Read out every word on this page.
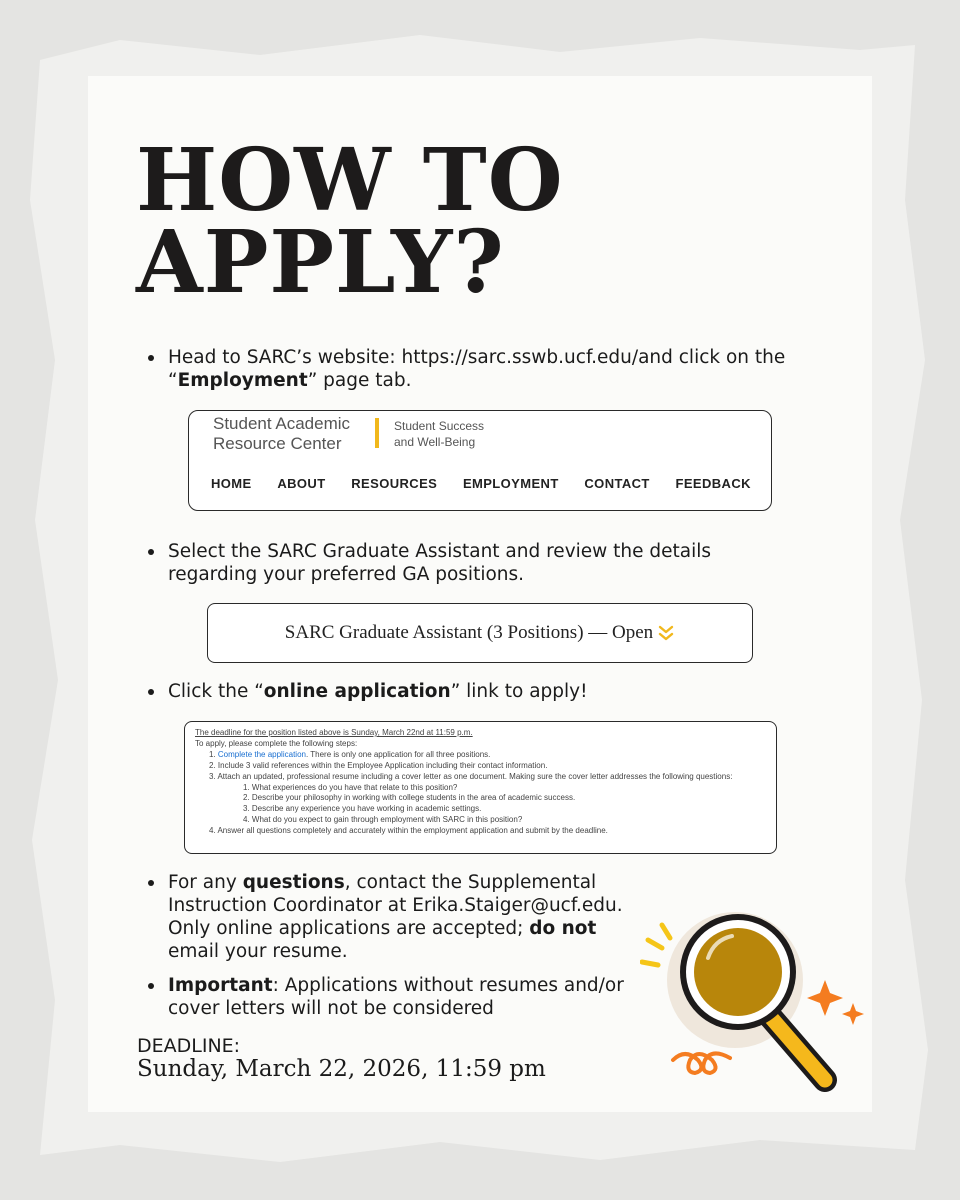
HOW TO
APPLY?
Head to SARC’s website: https://sarc.sswb.ucf.edu/and click on the “Employment” page tab.
Student Academic
Resource Center
Student Success
and Well-Being
HOME ABOUT RESOURCES EMPLOYMENT CONTACT FEEDBACK
Select the SARC Graduate Assistant and review the details regarding your preferred GA positions.
SARC Graduate Assistant (3 Positions) — Open
Click the “online application” link to apply!
The deadline for the position listed above is Sunday, March 22nd at 11:59 p.m.
To apply, please complete the following steps:
1. Complete the application. There is only one application for all three positions.
2. Include 3 valid references within the Employee Application including their contact information.
3. Attach an updated, professional resume including a cover letter as one document. Making sure the cover letter addresses the following questions:
1. What experiences do you have that relate to this position?
2. Describe your philosophy in working with college students in the area of academic success.
3. Describe any experience you have working in academic settings.
4. What do you expect to gain through employment with SARC in this position?
4. Answer all questions completely and accurately within the employment application and submit by the deadline.
For any questions, contact the Supplemental Instruction Coordinator at Erika.Staiger@ucf.edu. Only online applications are accepted; do not email your resume.
Important: Applications without resumes and/or cover letters will not be considered
DEADLINE:
Sunday, March 22, 2026, 11:59 pm
